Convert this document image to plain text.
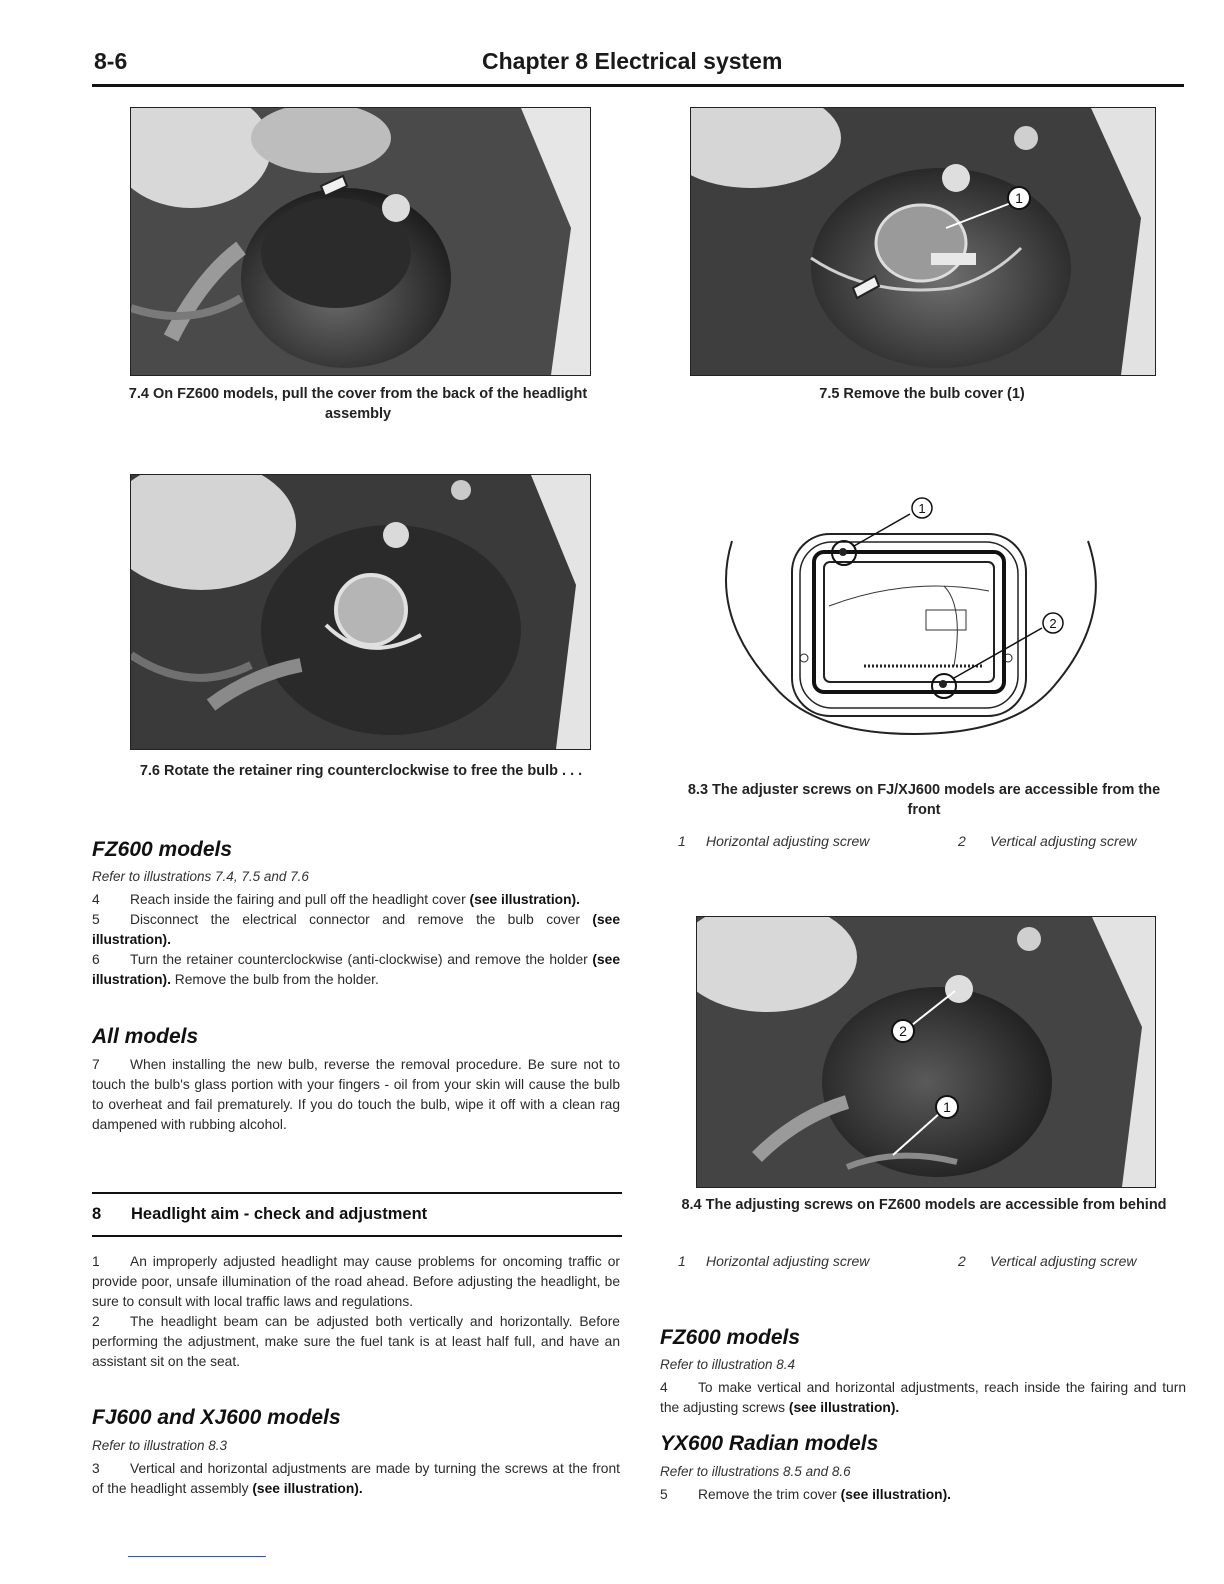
8-6	Chapter 8 Electrical system
7.4 On FZ600 models, pull the cover from the back of the headlight assembly
1
7.5 Remove the bulb cover (1)
7.6 Rotate the retainer ring counterclockwise to free the bulb . . .
1
2
8.3 The adjuster screws on FJ/XJ600 models are accessible from the front
1 Horizontal adjusting screw	2 Vertical adjusting screw
2
1
8.4 The adjusting screws on FZ600 models are accessible from behind
1 Horizontal adjusting screw	2 Vertical adjusting screw
FZ600 models
Refer to illustrations 7.4, 7.5 and 7.6

4 Reach inside the fairing and pull off the headlight cover (see illustration).

5 Disconnect the electrical connector and remove the bulb cover (see illustration).

6 Turn the retainer counterclockwise (anti-clockwise) and remove the holder (see illustration). Remove the bulb from the holder.

All models

7 When installing the new bulb, reverse the removal procedure. Be sure not to touch the bulb's glass portion with your fingers - oil from your skin will cause the bulb to overheat and fail prematurely. If you do touch the bulb, wipe it off with a clean rag dampened with rubbing alcohol.

8 Headlight aim - check and adjustment

1 An improperly adjusted headlight may cause problems for oncoming traffic or provide poor, unsafe illumination of the road ahead. Before adjusting the headlight, be sure to consult with local traffic laws and regulations.

2 The headlight beam can be adjusted both vertically and horizontally. Before performing the adjustment, make sure the fuel tank is at least half full, and have an assistant sit on the seat.

FJ600 and XJ600 models
Refer to illustration 8.3

3 Vertical and horizontal adjustments are made by turning the screws at the front of the headlight assembly (see illustration).

FZ600 models
Refer to illustration 8.4

4 To make vertical and horizontal adjustments, reach inside the fairing and turn the adjusting screws (see illustration).

YX600 Radian models
Refer to illustrations 8.5 and 8.6

5 Remove the trim cover (see illustration).
